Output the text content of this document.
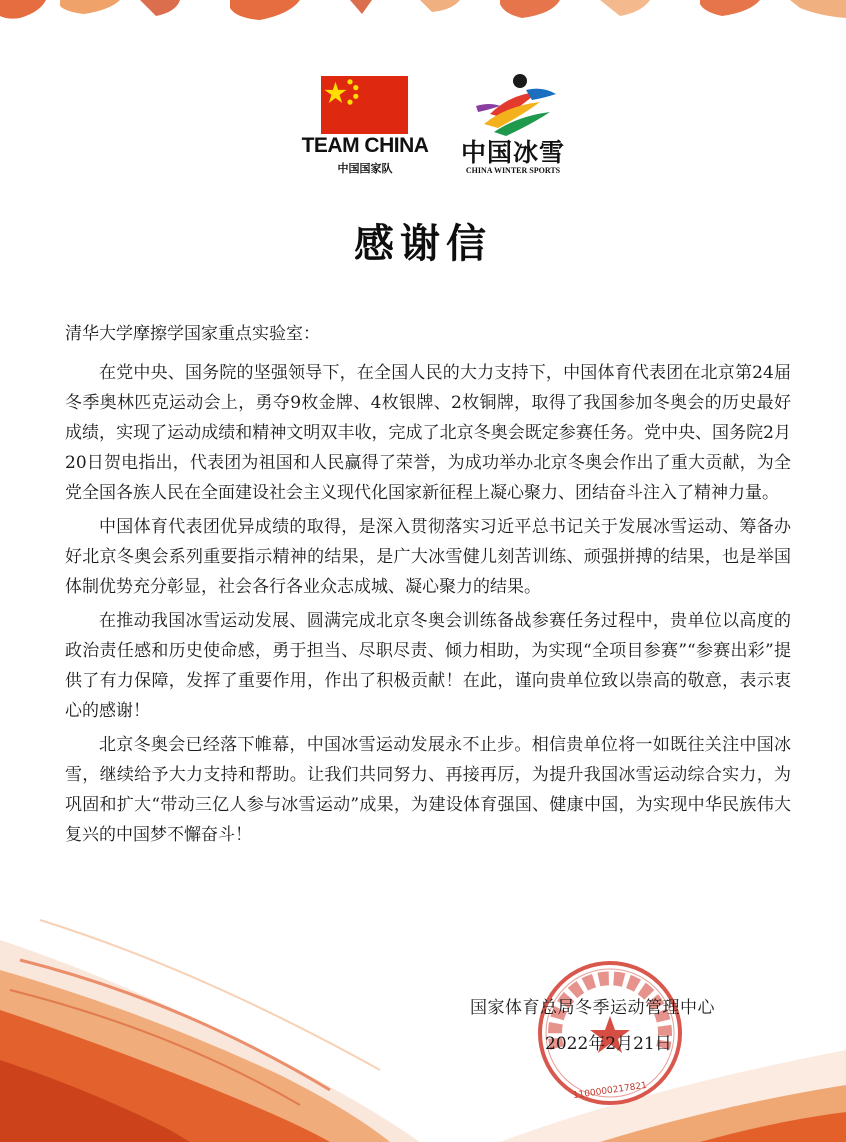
TEAM CHINA
中国国家队
中国冰雪
CHINA WINTER SPORTS
感谢信
清华大学摩擦学国家重点实验室：

在党中央、国务院的坚强领导下，在全国人民的大力支持下，中国体育代表团在北京第24届冬季奥林匹克运动会上，勇夺9枚金牌、4枚银牌、2枚铜牌，取得了我国参加冬奥会的历史最好成绩，实现了运动成绩和精神文明双丰收，完成了北京冬奥会既定参赛任务。党中央、国务院2月20日贺电指出，代表团为祖国和人民赢得了荣誉，为成功举办北京冬奥会作出了重大贡献，为全党全国各族人民在全面建设社会主义现代化国家新征程上凝心聚力、团结奋斗注入了精神力量。

中国体育代表团优异成绩的取得，是深入贯彻落实习近平总书记关于发展冰雪运动、筹备办好北京冬奥会系列重要指示精神的结果，是广大冰雪健儿刻苦训练、顽强拼搏的结果，也是举国体制优势充分彰显，社会各行各业众志成城、凝心聚力的结果。

在推动我国冰雪运动发展、圆满完成北京冬奥会训练备战参赛任务过程中，贵单位以高度的政治责任感和历史使命感，勇于担当、尽职尽责、倾力相助，为实现“全项目参赛”“参赛出彩”提供了有力保障，发挥了重要作用，作出了积极贡献！在此，谨向贵单位致以崇高的敬意，表示衷心的感谢！

北京冬奥会已经落下帷幕，中国冰雪运动发展永不止步。相信贵单位将一如既往关注中国冰雪，继续给予大力支持和帮助。让我们共同努力、再接再厉，为提升我国冰雪运动综合实力，为巩固和扩大“带动三亿人参与冰雪运动”成果，为建设体育强国、健康中国，为实现中华民族伟大复兴的中国梦不懈奋斗！

1100000217821
国家体育总局冬季运动管理中心
2022年2月21日
